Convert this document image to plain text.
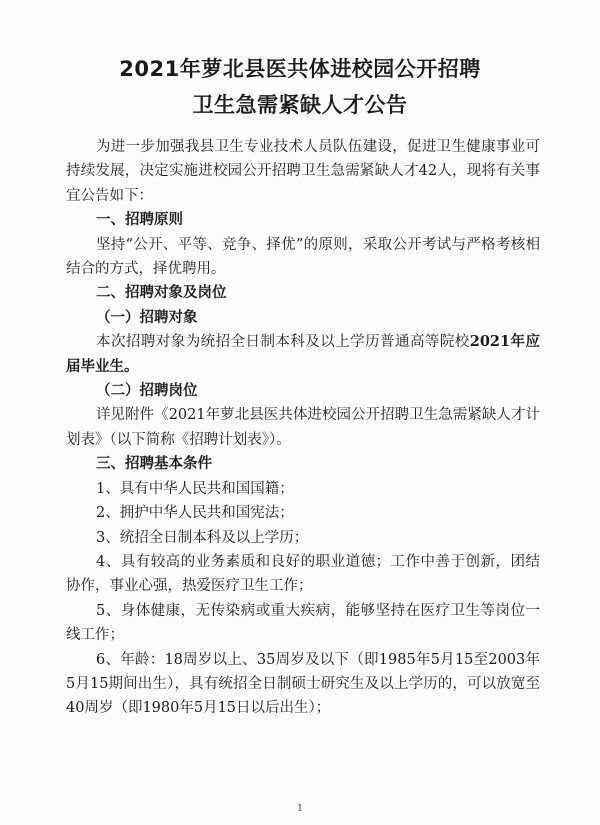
2021年萝北县医共体进校园公开招聘
卫生急需紧缺人才公告

为进一步加强我县卫生专业技术人员队伍建设，促进卫生健康事业可持续发展，决定实施进校园公开招聘卫生急需紧缺人才42人，现将有关事宜公告如下：

一、招聘原则

坚持“公开、平等、竞争、择优”的原则，采取公开考试与严格考核相结合的方式，择优聘用。

二、招聘对象及岗位

（一）招聘对象

本次招聘对象为统招全日制本科及以上学历普通高等院校2021年应届毕业生。

（二）招聘岗位

详见附件《2021年萝北县医共体进校园公开招聘卫生急需紧缺人才计划表》（以下简称《招聘计划表》）。

三、招聘基本条件

1、具有中华人民共和国国籍；

2、拥护中华人民共和国宪法；

3、统招全日制本科及以上学历；

4、具有较高的业务素质和良好的职业道德；工作中善于创新，团结协作，事业心强，热爱医疗卫生工作；

5、身体健康，无传染病或重大疾病，能够坚持在医疗卫生等岗位一线工作；

6、年龄：18周岁以上、35周岁及以下（即1985年5月15至2003年5月15期间出生），具有统招全日制硕士研究生及以上学历的，可以放宽至40周岁（即1980年5月15日以后出生）；

1
